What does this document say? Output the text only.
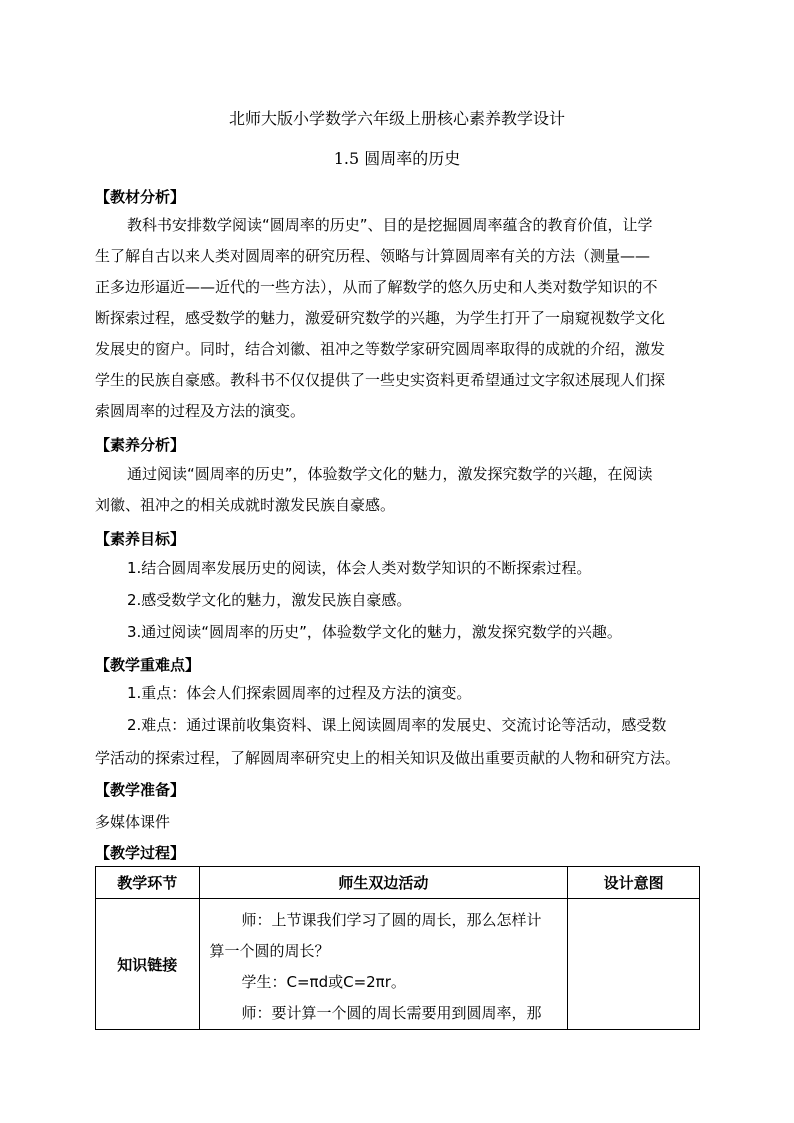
北师大版小学数学六年级上册核心素养教学设计
1.5 圆周率的历史
【教材分析】
教科书安排数学阅读“圆周率的历史”、目的是挖掘圆周率蕴含的教育价值，让学
生了解自古以来人类对圆周率的研究历程、领略与计算圆周率有关的方法（测量——
正多边形逼近——近代的一些方法），从而了解数学的悠久历史和人类对数学知识的不
断探索过程，感受数学的魅力，激爱研究数学的兴趣，为学生打开了一扇窥视数学文化
发展史的窗户。同时，结合刘徽、祖冲之等数学家研究圆周率取得的成就的介绍，激发
学生的民族自豪感。教科书不仅仅提供了一些史实资料更希望通过文字叙述展现人们探
索圆周率的过程及方法的演变。
【素养分析】
通过阅读“圆周率的历史”，体验数学文化的魅力，激发探究数学的兴趣，在阅读
刘徽、祖冲之的相关成就时激发民族自豪感。
【素养目标】
1.结合圆周率发展历史的阅读，体会人类对数学知识的不断探索过程。
2.感受数学文化的魅力，激发民族自豪感。
3.通过阅读“圆周率的历史”，体验数学文化的魅力，激发探究数学的兴趣。
【教学重难点】
1.重点：体会人们探索圆周率的过程及方法的演变。
2.难点：通过课前收集资料、课上阅读圆周率的发展史、交流讨论等活动，感受数
学活动的探索过程，了解圆周率研究史上的相关知识及做出重要贡献的人物和研究方法。
【教学准备】
多媒体课件
【教学过程】
教学环节	师生双边活动	设计意图
知识链接	师：上节课我们学习了圆的周长，那么怎样计

算一个圆的周长？

学生：C=πd或C=2πr。

师：要计算一个圆的周长需要用到圆周率，那	
